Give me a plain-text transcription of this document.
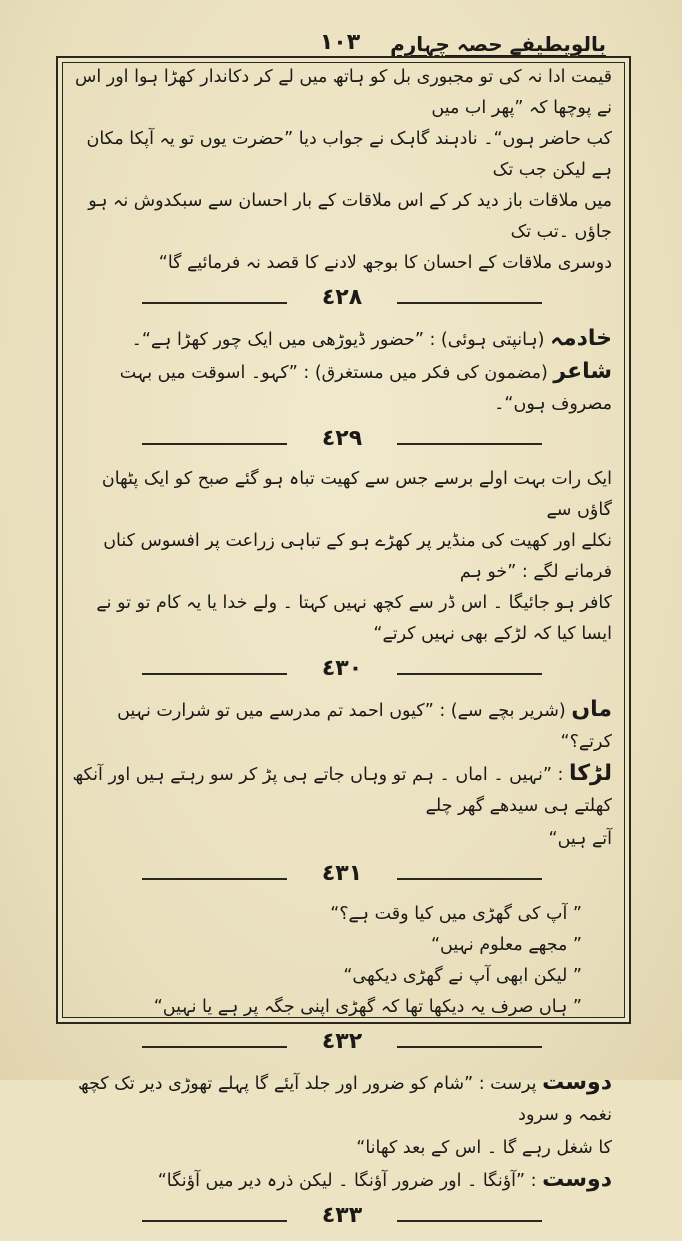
١٠٣ بالویطیفے حصہ چہارم

قیمت ادا نہ کی تو مجبوری بل کو ہاتھ میں لے کر دکاندار کھڑا ہوا اور اس نے پوچھا کہ ”پھر اب میں

کب حاضر ہوں“۔ نادہند گاہک نے جواب دیا ”حضرت یوں تو یہ آپکا مکان ہے لیکن جب تک

میں ملاقات باز دید کر کے اس ملاقات کے بار احسان سے سبکدوش نہ ہو جاؤں ۔تب تک

دوسری ملاقات کے احسان کا بوجھ لادنے کا قصد نہ فرمائیے گا“

٤٢٨

خادمہ (ہانپتی ہوئی) : ”حضور ڈیوڑھی میں ایک چور کھڑا ہے“۔

شاعر (مضمون کی فکر میں مستغرق) : ”کہو۔ اسوقت میں بہت مصروف ہوں“۔

٤٢٩

ایک رات بہت اولے برسے جس سے کھیت تباہ ہو گئے صبح کو ایک پٹھان گاؤں سے

نکلے اور کھیت کی منڈیر پر کھڑے ہو کے تباہی زراعت پر افسوس کناں فرمانے لگے : ”خو ہم

کافر ہو جائیگا ۔ اس ڈر سے کچھ نہیں کہتا ۔ ولے خدا یا یہ کام تو تو نے ایسا کیا کہ لڑکے بھی نہیں کرتے“

٤٣٠

ماں (شریر بچے سے) : ”کیوں احمد تم مدرسے میں تو شرارت نہیں کرتے؟“

لڑکا : ”نہیں ۔ اماں ۔ ہم تو وہاں جاتے ہی پڑ کر سو رہتے ہیں اور آنکھ کھلتے ہی سیدھے گھر چلے

آتے ہیں“

٤٣١

” آپ کی گھڑی میں کیا وقت ہے؟“

” مجھے معلوم نہیں“

” لیکن ابھی آپ نے گھڑی دیکھی“

” ہاں صرف یہ دیکھا تھا کہ گھڑی اپنی جگہ پر ہے یا نہیں“

٤٣٢

دوست پرست : ”شام کو ضرور اور جلد آیئے گا پہلے تھوڑی دیر تک کچھ نغمہ و سرود

کا شغل رہے گا ۔ اس کے بعد کھانا“

دوست : ”آؤنگا ۔ اور ضرور آؤنگا ۔ لیکن ذرہ دیر میں آؤنگا“

٤٣٣
